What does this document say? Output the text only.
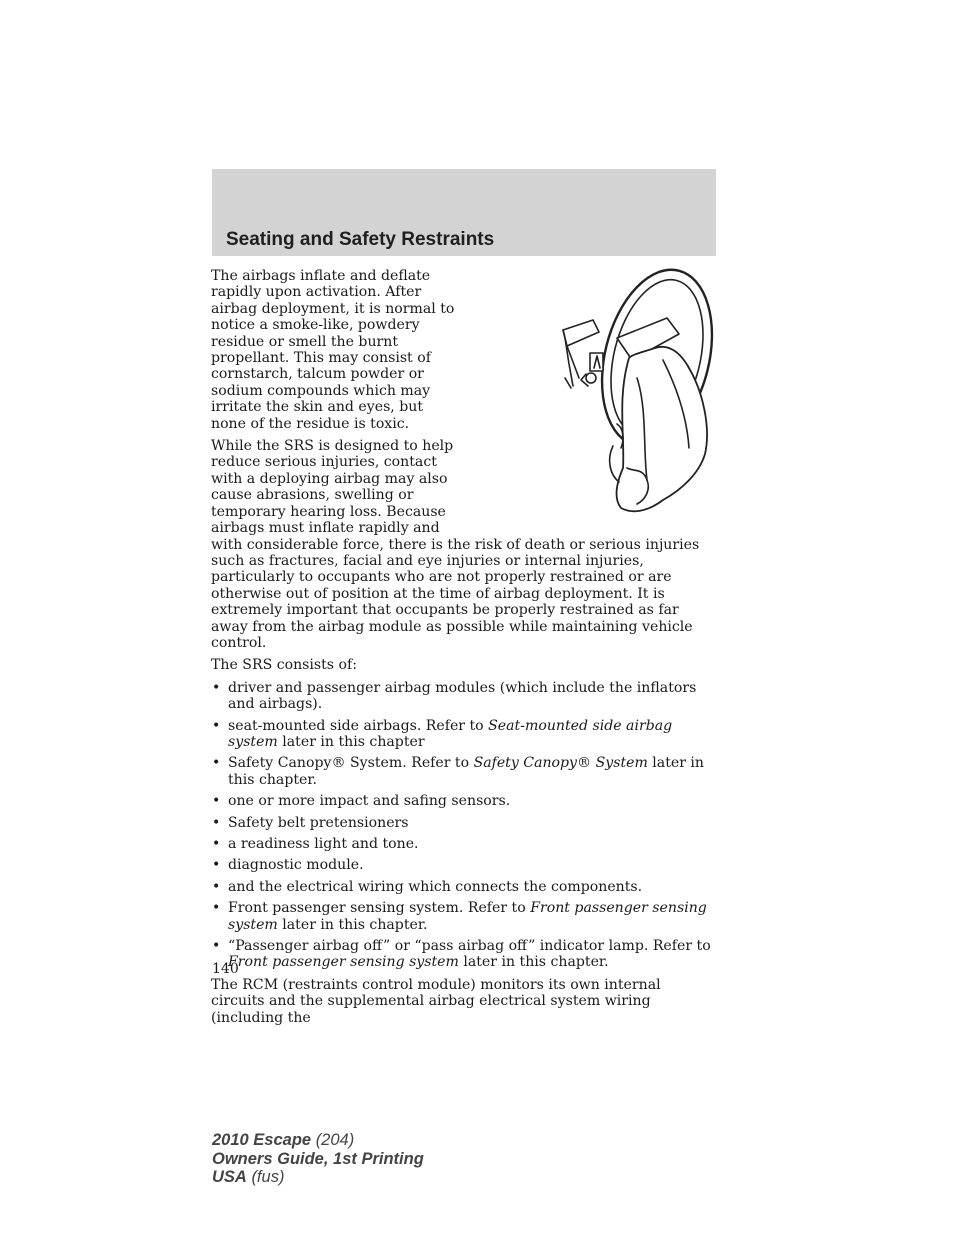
Seating and Safety Restraints

The airbags inflate and deflate rapidly upon activation. After airbag deployment, it is normal to notice a smoke-like, powdery residue or smell the burnt propellant. This may consist of cornstarch, talcum powder or sodium compounds which may irritate the skin and eyes, but none of the residue is toxic.

While the SRS is designed to help reduce serious injuries, contact with a deploying airbag may also cause abrasions, swelling or temporary hearing loss. Because airbags must inflate rapidly and with considerable force, there is the risk of death or serious injuries such as fractures, facial and eye injuries or internal injuries, particularly to occupants who are not properly restrained or are otherwise out of position at the time of airbag deployment. It is extremely important that occupants be properly restrained as far away from the airbag module as possible while maintaining vehicle control.

The SRS consists of:

• driver and passenger airbag modules (which include the inflators and airbags).
• seat-mounted side airbags. Refer to Seat-mounted side airbag system later in this chapter
• Safety Canopy® System. Refer to Safety Canopy® System later in this chapter.
• one or more impact and safing sensors.
• Safety belt pretensioners
• a readiness light and tone.
• diagnostic module.
• and the electrical wiring which connects the components.
• Front passenger sensing system. Refer to Front passenger sensing system later in this chapter.
• “Passenger airbag off” or “pass airbag off” indicator lamp. Refer to Front passenger sensing system later in this chapter.

The RCM (restraints control module) monitors its own internal circuits and the supplemental airbag electrical system wiring (including the

140
2010 Escape (204)
Owners Guide, 1st Printing
USA (fus)
